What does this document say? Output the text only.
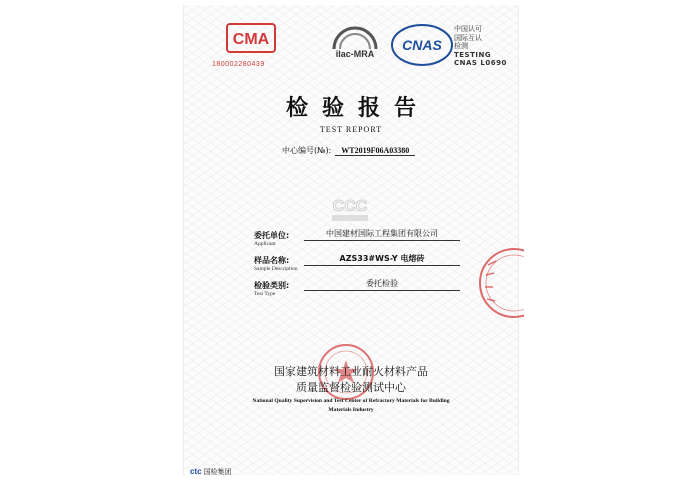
CMA
180002280439
ilac-MRA
CNAS
中国认可
国际互认
检测
TESTING
CNAS L0690
检验报告
TEST REPORT
中心编号(№): WT2019F06A03380
CCC
委托单位:
Applicant
中国建材国际工程集团有限公司
样品名称:
Sample Description
AZS33#WS-Y 电熔砖
检验类别:
Test Type
委托检验
国家建筑材料工业耐火材料产品
质量监督检验测试中心
National Quality Supervision and Test Center of Refractory Materials for Building
Materials Industry
ctc 国检集团
